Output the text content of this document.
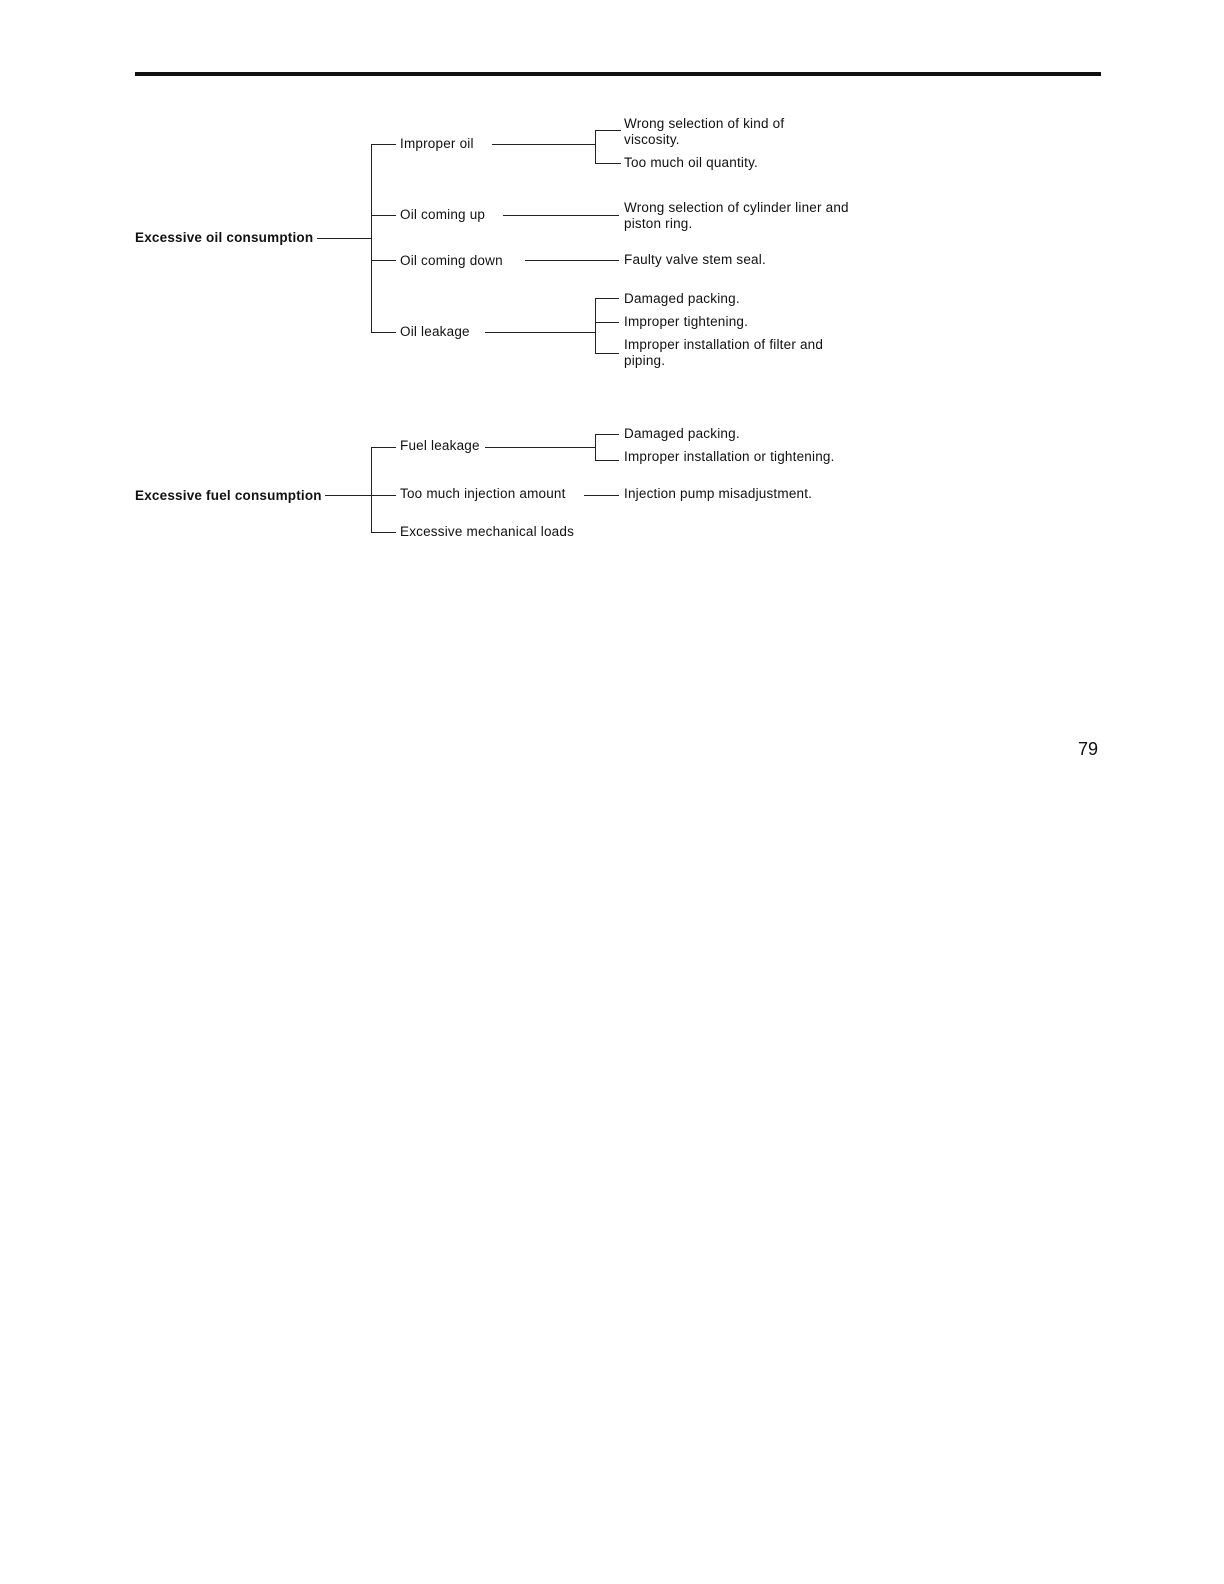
Excessive oil consumption
Improper oil
Wrong selection of kind of viscosity.
Too much oil quantity.
Oil coming up	Wrong selection of cylinder liner and piston ring.
Oil coming down	Faulty valve stem seal.
Oil leakage
Damaged packing.
Improper tightening.
Improper installation of filter and piping.
Excessive fuel consumption
Fuel leakage
Damaged packing.
Improper installation or tightening.
Too much injection amount	Injection pump misadjustment.
Excessive mechanical loads
79
